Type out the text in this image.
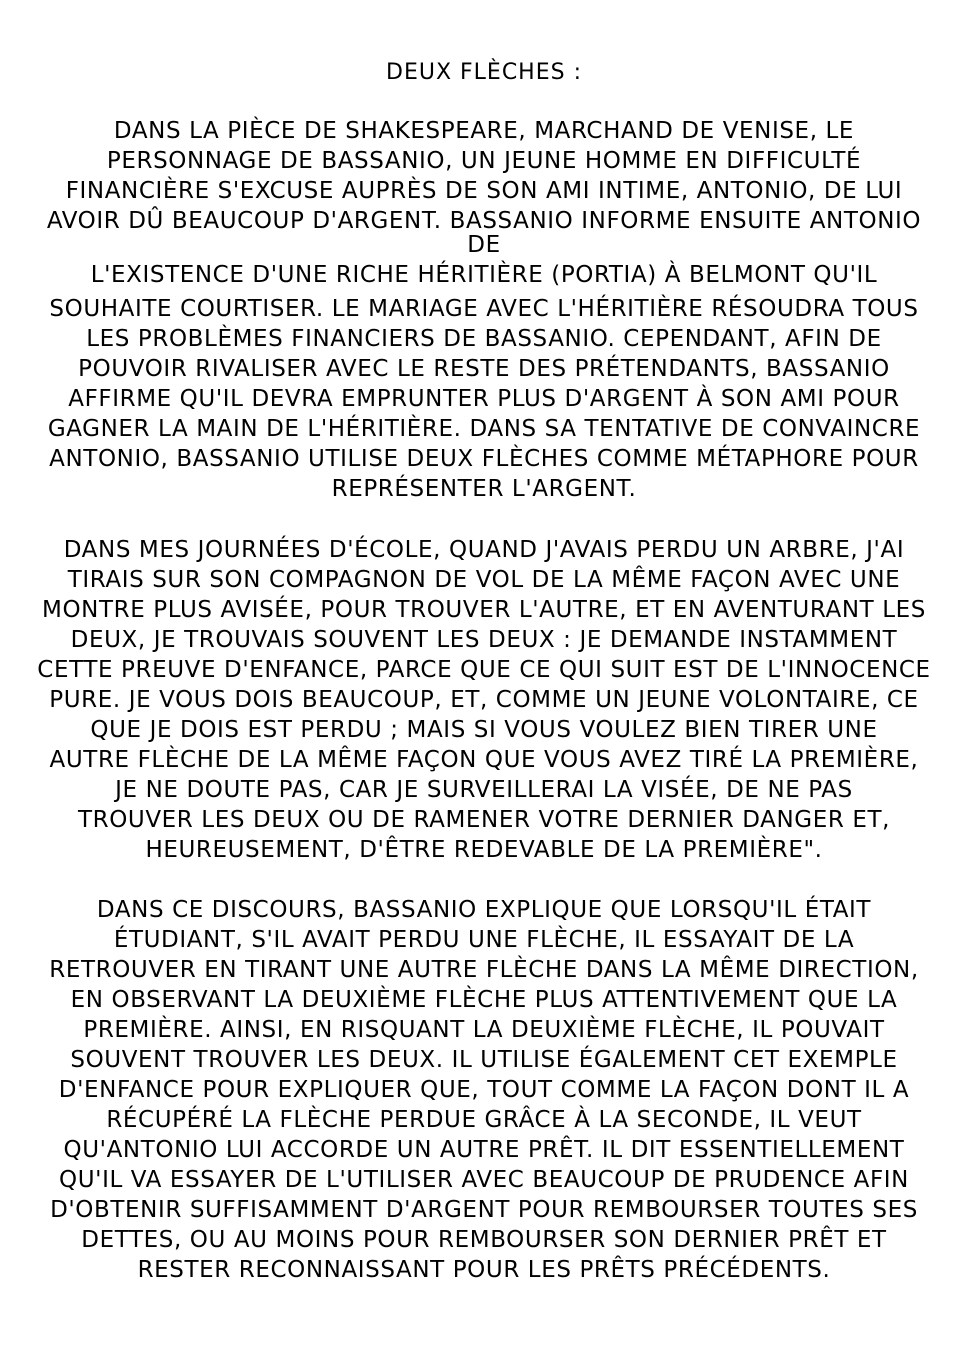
DEUX FLÈCHES :
DANS LA PIÈCE DE SHAKESPEARE, MARCHAND DE VENISE, LE
PERSONNAGE DE BASSANIO, UN JEUNE HOMME EN DIFFICULTÉ
FINANCIÈRE S'EXCUSE AUPRÈS DE SON AMI INTIME, ANTONIO, DE LUI
AVOIR DÛ BEAUCOUP D'ARGENT. BASSANIO INFORME ENSUITE ANTONIO
DE
L'EXISTENCE D'UNE RICHE HÉRITIÈRE (PORTIA) À BELMONT QU'IL
SOUHAITE COURTISER. LE MARIAGE AVEC L'HÉRITIÈRE RÉSOUDRA TOUS
LES PROBLÈMES FINANCIERS DE BASSANIO. CEPENDANT, AFIN DE
POUVOIR RIVALISER AVEC LE RESTE DES PRÉTENDANTS, BASSANIO
AFFIRME QU'IL DEVRA EMPRUNTER PLUS D'ARGENT À SON AMI POUR
GAGNER LA MAIN DE L'HÉRITIÈRE. DANS SA TENTATIVE DE CONVAINCRE
ANTONIO, BASSANIO UTILISE DEUX FLÈCHES COMME MÉTAPHORE POUR
REPRÉSENTER L'ARGENT.
DANS MES JOURNÉES D'ÉCOLE, QUAND J'AVAIS PERDU UN ARBRE, J'AI
TIRAIS SUR SON COMPAGNON DE VOL DE LA MÊME FAÇON AVEC UNE
MONTRE PLUS AVISÉE, POUR TROUVER L'AUTRE, ET EN AVENTURANT LES
DEUX, JE TROUVAIS SOUVENT LES DEUX : JE DEMANDE INSTAMMENT
CETTE PREUVE D'ENFANCE, PARCE QUE CE QUI SUIT EST DE L'INNOCENCE
PURE. JE VOUS DOIS BEAUCOUP, ET, COMME UN JEUNE VOLONTAIRE, CE
QUE JE DOIS EST PERDU ; MAIS SI VOUS VOULEZ BIEN TIRER UNE
AUTRE FLÈCHE DE LA MÊME FAÇON QUE VOUS AVEZ TIRÉ LA PREMIÈRE,
JE NE DOUTE PAS, CAR JE SURVEILLERAI LA VISÉE, DE NE PAS
TROUVER LES DEUX OU DE RAMENER VOTRE DERNIER DANGER ET,
HEUREUSEMENT, D'ÊTRE REDEVABLE DE LA PREMIÈRE".
DANS CE DISCOURS, BASSANIO EXPLIQUE QUE LORSQU'IL ÉTAIT
ÉTUDIANT, S'IL AVAIT PERDU UNE FLÈCHE, IL ESSAYAIT DE LA
RETROUVER EN TIRANT UNE AUTRE FLÈCHE DANS LA MÊME DIRECTION,
EN OBSERVANT LA DEUXIÈME FLÈCHE PLUS ATTENTIVEMENT QUE LA
PREMIÈRE. AINSI, EN RISQUANT LA DEUXIÈME FLÈCHE, IL POUVAIT
SOUVENT TROUVER LES DEUX. IL UTILISE ÉGALEMENT CET EXEMPLE
D'ENFANCE POUR EXPLIQUER QUE, TOUT COMME LA FAÇON DONT IL A
RÉCUPÉRÉ LA FLÈCHE PERDUE GRÂCE À LA SECONDE, IL VEUT
QU'ANTONIO LUI ACCORDE UN AUTRE PRÊT. IL DIT ESSENTIELLEMENT
QU'IL VA ESSAYER DE L'UTILISER AVEC BEAUCOUP DE PRUDENCE AFIN
D'OBTENIR SUFFISAMMENT D'ARGENT POUR REMBOURSER TOUTES SES
DETTES, OU AU MOINS POUR REMBOURSER SON DERNIER PRÊT ET
RESTER RECONNAISSANT POUR LES PRÊTS PRÉCÉDENTS.
